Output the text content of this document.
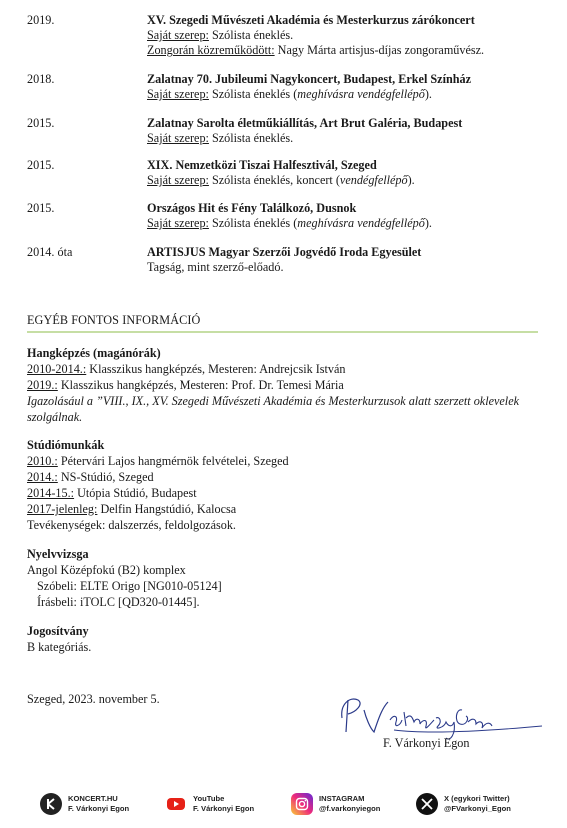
2019.	XV. Szegedi Művészeti Akadémia és Mesterkurzus zárókoncert
Saját szerep: Szólista éneklés.
Zongorán közreműködött: Nagy Márta artisjus-díjas zongoraművész.
2018.	Zalatnay 70. Jubileumi Nagykoncert, Budapest, Erkel Színház
Saját szerep: Szólista éneklés (meghívásra vendégfellépő).
2015.	Zalatnay Sarolta életműkiállítás, Art Brut Galéria, Budapest
Saját szerep: Szólista éneklés.
2015.	XIX. Nemzetközi Tiszai Halfesztivál, Szeged
Saját szerep: Szólista éneklés, koncert (vendégfellépő).
2015.	Országos Hit és Fény Találkozó, Dusnok
Saját szerep: Szólista éneklés (meghívásra vendégfellépő).
2014. óta	ARTISJUS Magyar Szerzői Jogvédő Iroda Egyesület
Tagság, mint szerző-előadó.
EGYÉB FONTOS INFORMÁCIÓ
Hangképzés (magánórák)
2010-2014.: Klasszikus hangképzés, Mesteren: Andrejcsik István
2019.: Klasszikus hangképzés, Mesteren: Prof. Dr. Temesi Mária
Igazolásául a ”VIII., IX., XV. Szegedi Művészeti Akadémia és Mesterkurzusok alatt szerzett oklevelek szolgálnak.
Stúdiómunkák
2010.: Pétervári Lajos hangmérnök felvételei, Szeged
2014.: NS-Stúdió, Szeged
2014-15.: Utópia Stúdió, Budapest
2017-jelenleg: Delfin Hangstúdió, Kalocsa
Tevékenységek: dalszerzés, feldolgozások.
Nyelvvizsga
Angol Középfokú (B2) komplex
Szóbeli: ELTE Origo [NG010-05124]
Írásbeli: iTOLC [QD320-01445].
Jogosítvány
B kategóriás.
Szeged, 2023. november 5.
F. Várkonyi Egon
KONCERT.HU
F. Várkonyi Egon
YouTube
F. Várkonyi Egon
INSTAGRAM
@f.varkonyiegon
X (egykori Twitter)
@FVarkonyi_Egon
